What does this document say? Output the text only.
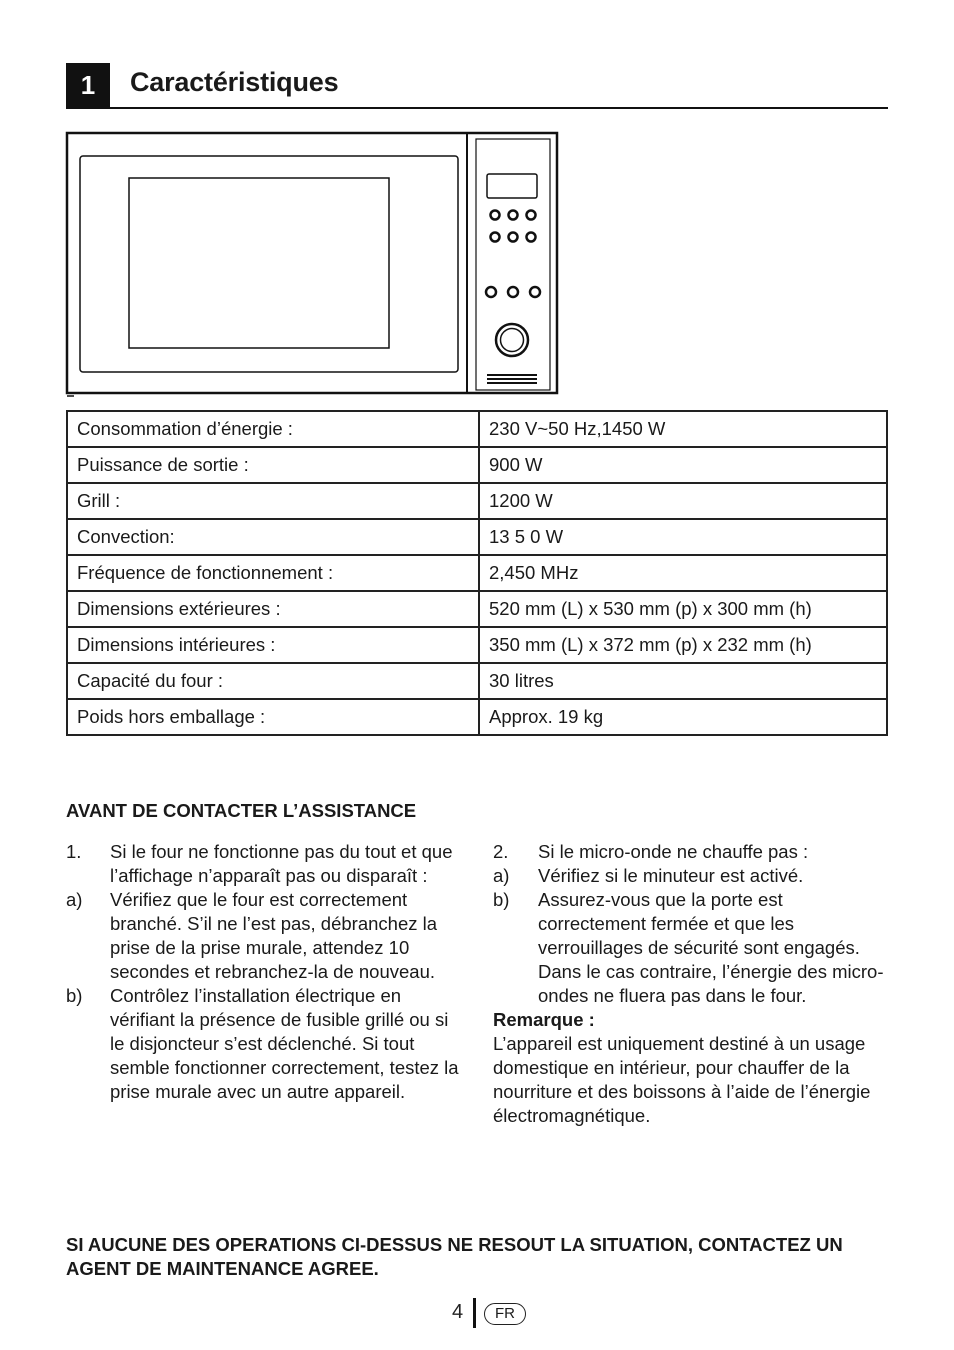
1	Caractéristiques
Consommation d’énergie :	230 V~50 Hz,1450 W
Puissance de sortie :	900 W
Grill :	1200 W
Convection:	13 5 0 W
Fréquence de fonctionnement :	2,450 MHz
Dimensions extérieures :	520 mm (L) x 530 mm (p) x 300 mm (h)
Dimensions intérieures :	350 mm (L) x 372 mm (p) x 232 mm (h)
Capacité du four :	30 litres
Poids hors emballage :	Approx. 19 kg
AVANT DE CONTACTER L’ASSISTANCE
1. Si le four ne fonctionne pas du tout et que l’affichage n’apparaît pas ou disparaît :
a) Vérifiez que le four est correctement branché. S’il ne l’est pas, débranchez la prise de la prise murale, attendez 10 secondes et rebranchez-la de nouveau.
b) Contrôlez l’installation électrique en vérifiant la présence de fusible grillé ou si le disjoncteur s’est déclenché. Si tout semble fonctionner correctement, testez la prise murale avec un autre appareil.
2. Si le micro-onde ne chauffe pas :
a) Vérifiez si le minuteur est activé.
b) Assurez-vous que la porte est correctement fermée et que les verrouillages de sécurité sont engagés. Dans le cas contraire, l’énergie des micro-ondes ne fluera pas dans le four.
Remarque :
L’appareil est uniquement destiné à un usage domestique en intérieur, pour chauffer de la nourriture et des boissons à l’aide de l’énergie électromagnétique.
SI AUCUNE DES OPERATIONS CI-DESSUS NE RESOUT LA SITUATION, CONTACTEZ UN AGENT DE MAINTENANCE AGREE.
4	FR
